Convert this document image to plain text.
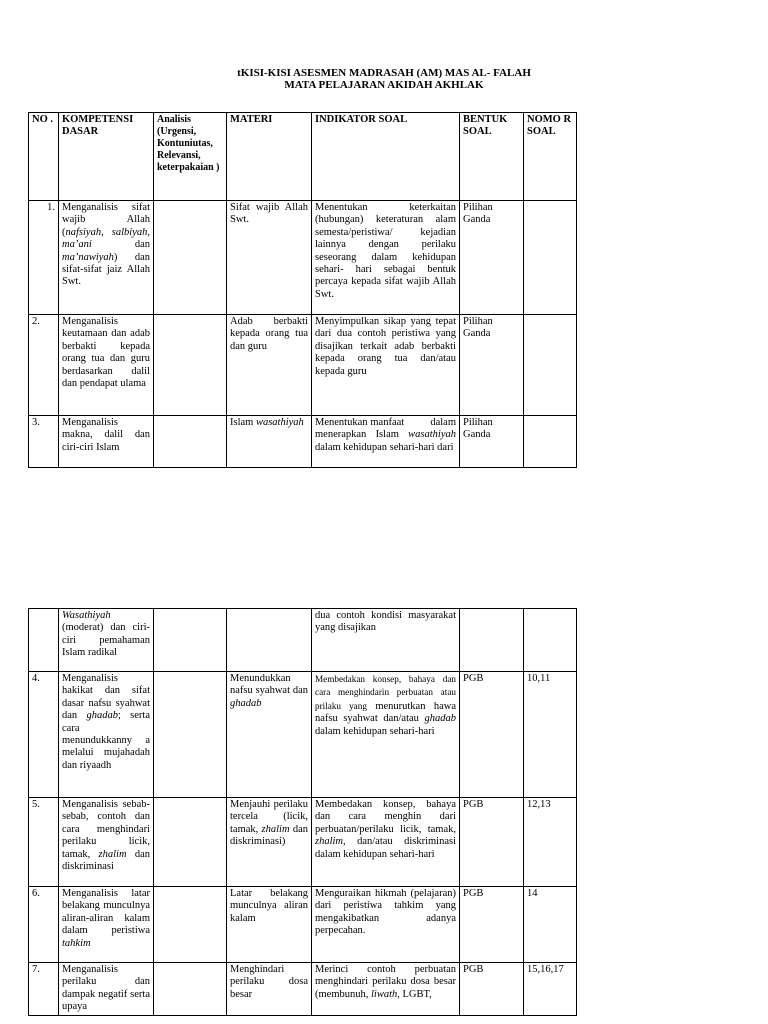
tKISI-KISI ASESMEN MADRASAH (AM) MAS AL- FALAH
MATA PELAJARAN AKIDAH AKHLAK
NO .	KOMPETENSI DASAR	Analisis (Urgensi, Kontuniutas, Relevansi, keterpakaian )	MATERI	INDIKATOR SOAL	BENTUK SOAL	NOMO R SOAL
1.	Menganalisis sifat wajib Allah (nafsiyah, salbiyah, ma’ani dan ma’nawiyah) dan sifat-sifat jaiz Allah Swt.		Sifat wajib Allah Swt.	Menentukan keterkaitan (hubungan) keteraturan alam semesta/peristiwa/ kejadian lainnya dengan perilaku seseorang dalam kehidupan sehari- hari sebagai bentuk percaya kepada sifat wajib Allah Swt.	Pilihan Ganda	
2.	Menganalisis keutamaan dan adab berbakti kepada orang tua dan guru berdasarkan dalil dan pendapat ulama		Adab berbakti kepada orang tua dan guru	Menyimpulkan sikap yang tepat dari dua contoh peristiwa yang disajikan terkait adab berbakti kepada orang tua dan/atau kepada guru	Pilihan Ganda	
3.	Menganalisis makna, dalil dan ciri-ciri Islam		Islam wasathiyah	Menentukan manfaat         dalam menerapkan Islam wasathiyah dalam kehidupan sehari-hari dari	Pilihan Ganda	
	Wasathiyah (moderat) dan ciri-ciri pemahaman Islam radikal			dua contoh kondisi masyarakat yang disajikan		
4.	Menganalisis hakikat dan sifat dasar nafsu syahwat dan ghadab; serta cara menundukkanny a melalui mujahadah dan riyaadh		Menundukkan nafsu syahwat dan ghadab	Membedakan konsep, bahaya dan cara menghindarin perbuatan atau prilaku yang menurutkan hawa nafsu syahwat dan/atau ghadab dalam kehidupan sehari-hari	PGB	10,11
5.	Menganalisis sebab-sebab, contoh dan cara menghindari perilaku licik, tamak, zhalim dan diskriminasi		Menjauhi perilaku tercela (licik, tamak, zhalim dan diskriminasi)	Membedakan konsep, bahaya dan cara menghin dari perbuatan/perilaku licik, tamak, zhalim, dan/atau diskriminasi dalam kehidupan sehari-hari	PGB	12,13
6.	Menganalisis latar belakang munculnya aliran-aliran kalam dalam peristiwa tahkim		Latar belakang munculnya aliran kalam	Menguraikan hikmah (pelajaran) dari peristiwa tahkim yang mengakibatkan adanya perpecahan.	PGB	14
7.	Menganalisis perilaku dan dampak negatif serta upaya		Menghindari perilaku dosa besar	Merinci contoh perbuatan menghindari perilaku dosa besar (membunuh, liwath, LGBT,	PGB	15,16,17
